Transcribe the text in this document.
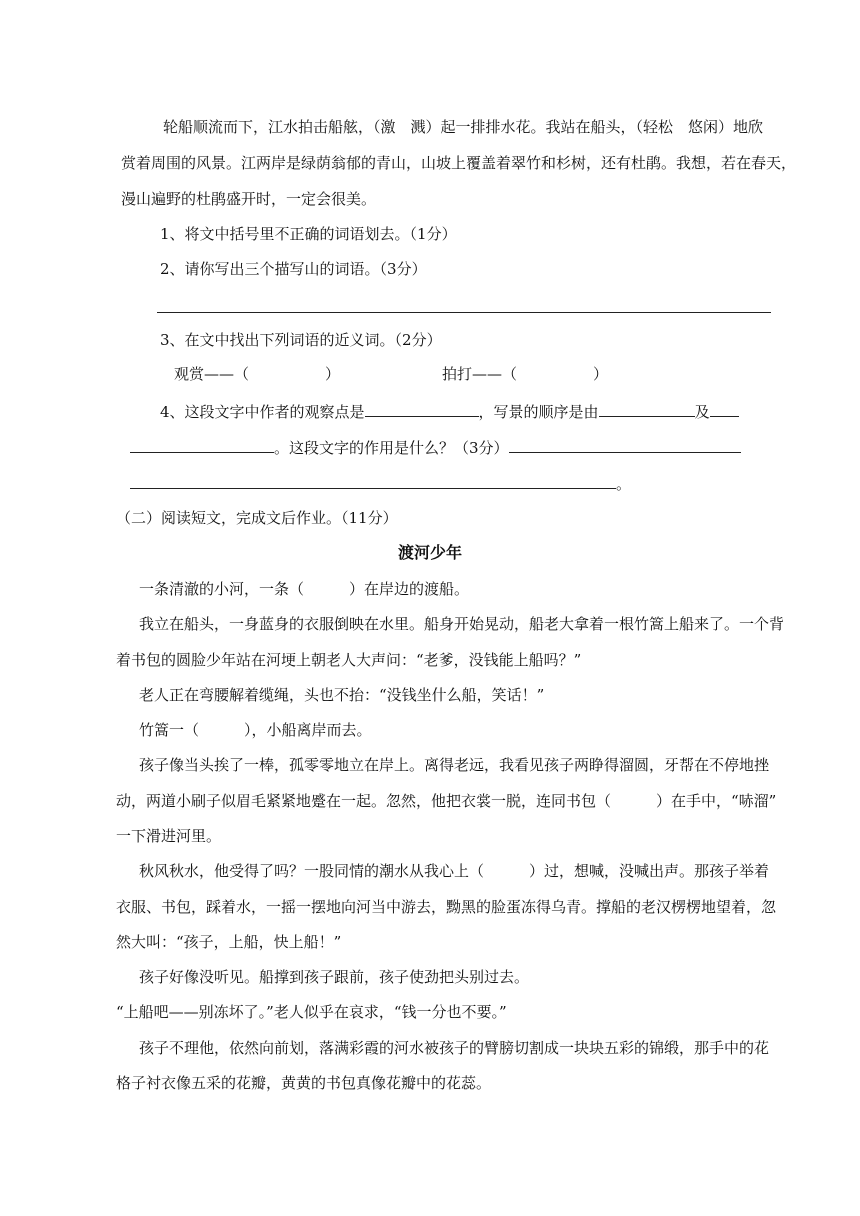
轮船顺流而下，江水拍击船舷，（激　溅）起一排排水花。我站在船头，（轻松　悠闲）地欣
赏着周围的风景。江两岸是绿荫翁郁的青山，山坡上覆盖着翠竹和杉树，还有杜鹃。我想，若在春天，
漫山遍野的杜鹃盛开时，一定会很美。
1、将文中括号里不正确的词语划去。（1分）
2、请你写出三个描写山的词语。（3分）
3、在文中找出下列词语的近义词。（2分）
观赏——（	）	拍打——（	）
4、这段文字中作者的观察点是	，写景的顺序是由	及
。这段文字的作用是什么？（3分）
。
（二）阅读短文，完成文后作业。（11分）
渡河少年
一条清澈的小河，一条（　　　）在岸边的渡船。
我立在船头，一身蓝身的衣服倒映在水里。船身开始晃动，船老大拿着一根竹篙上船来了。一个背
着书包的圆脸少年站在河埂上朝老人大声问：“老爹，没钱能上船吗？”
老人正在弯腰解着缆绳，头也不抬：“没钱坐什么船，笑话！”
竹篙一（　　　），小船离岸而去。
孩子像当头挨了一棒，孤零零地立在岸上。离得老远，我看见孩子两睁得溜圆，牙帮在不停地挫
动，两道小刷子似眉毛紧紧地蹙在一起。忽然，他把衣裳一脱，连同书包（　　　）在手中，“哧溜”
一下滑进河里。
秋风秋水，他受得了吗？一股同情的潮水从我心上（　　　）过，想喊，没喊出声。那孩子举着
衣服、书包，踩着水，一摇一摆地向河当中游去，黝黑的脸蛋冻得乌青。撑船的老汉楞楞地望着，忽
然大叫：“孩子，上船，快上船！”
孩子好像没听见。船撑到孩子跟前，孩子使劲把头别过去。
“上船吧——别冻坏了。”老人似乎在哀求，“钱一分也不要。”
孩子不理他，依然向前划，落满彩霞的河水被孩子的臂膀切割成一块块五彩的锦缎，那手中的花
格子衬衣像五采的花瓣，黄黄的书包真像花瓣中的花蕊。
